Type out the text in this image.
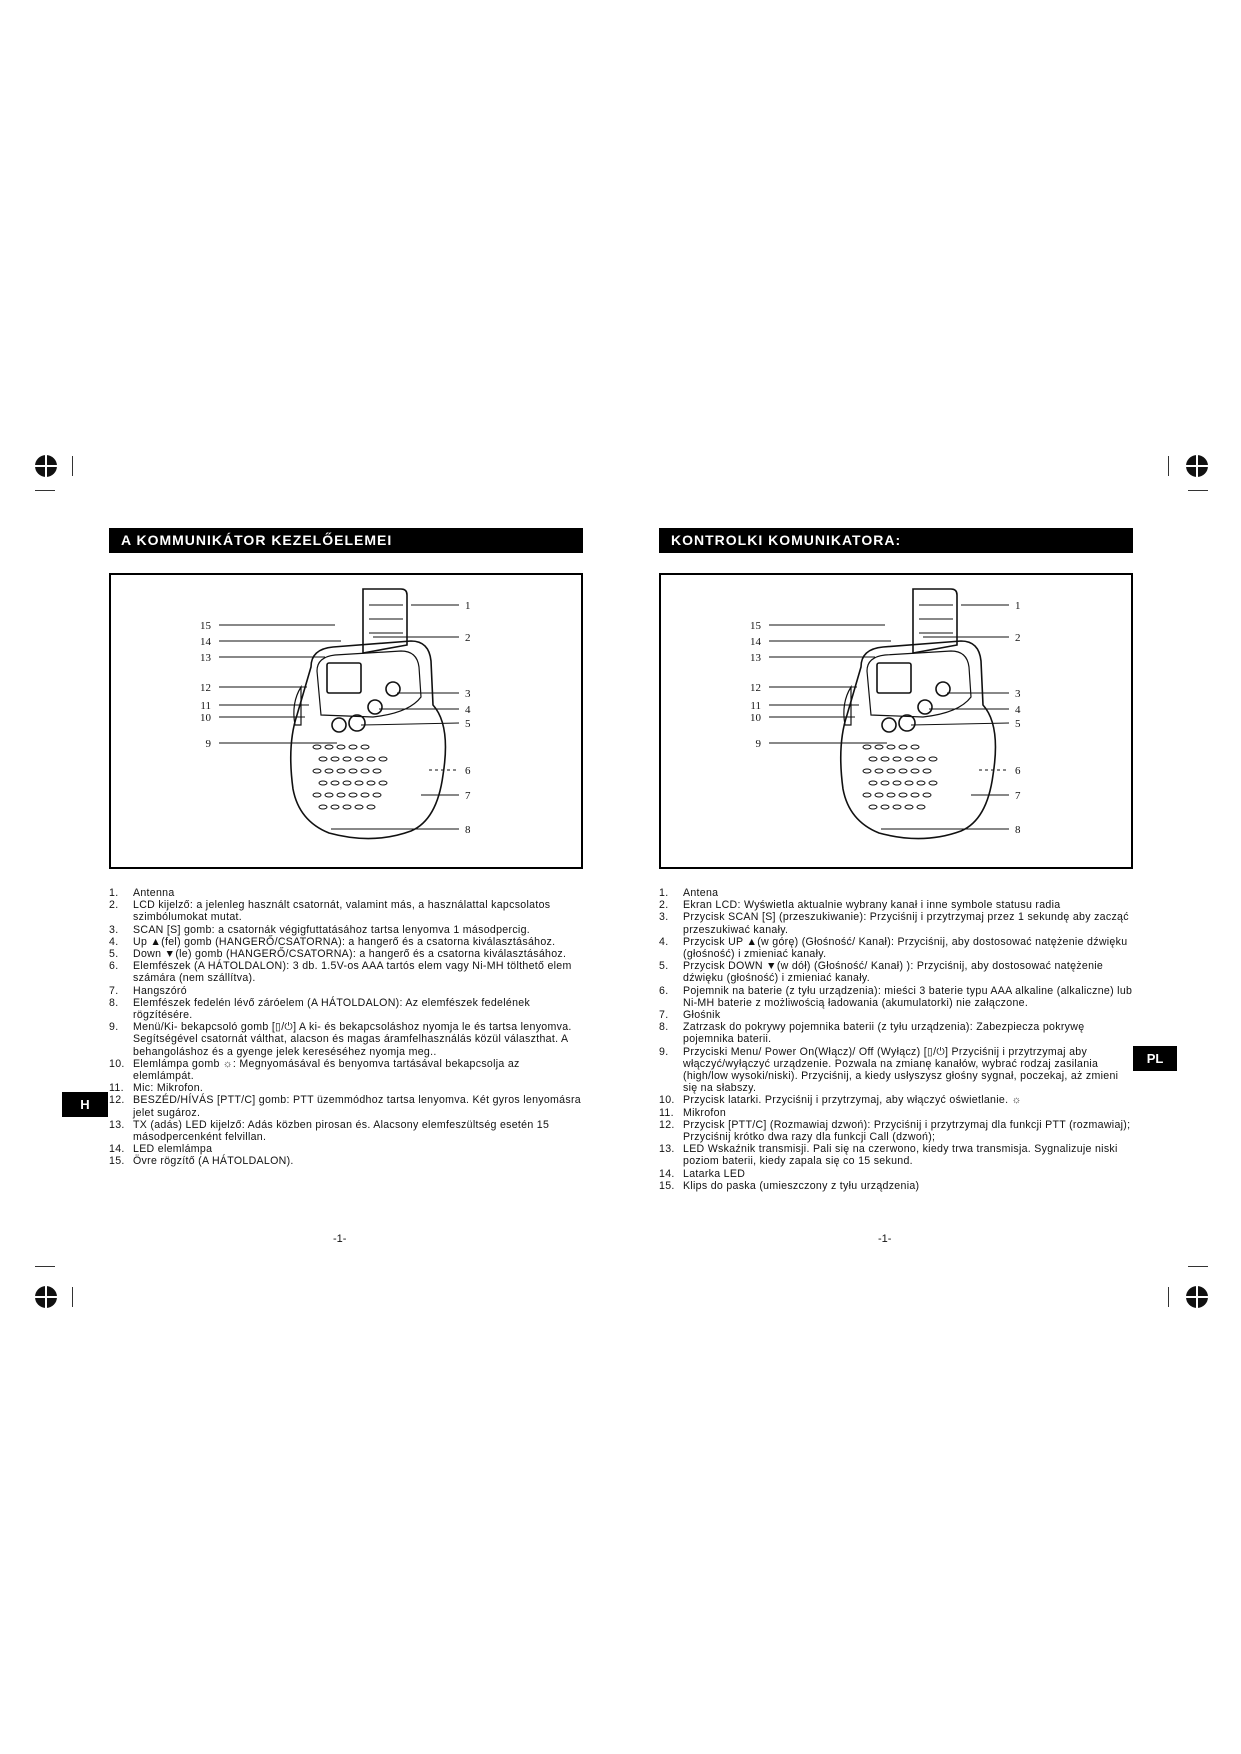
A KOMMUNIKÁTOR KEZELŐELEMEI
1
2
3
4
5
6
7
8
9
10
11
12
13
14
15
1. Antenna
2. LCD kijelző: a jelenleg használt csatornát, valamint más, a használattal kapcsolatos szimbólumokat mutat.
3. SCAN [S] gomb: a csatornák végigfuttatásához tartsa lenyomva 1 másodpercig.
4. Up ▲(fel) gomb (HANGERŐ/CSATORNA): a hangerő és a csatorna kiválasztásához.
5. Down ▼(le) gomb (HANGERŐ/CSATORNA): a hangerő és a csatorna kiválasztásához.
6. Elemfészek (A HÁTOLDALON): 3 db. 1.5V-os AAA tartós elem vagy Ni-MH tölthető elem számára (nem szállítva).
7. Hangszóró
8. Elemfészek fedelén lévő záróelem (A HÁTOLDALON): Az elemfészek fedelének rögzítésére.
9. Menü/Ki- bekapcsoló gomb [▯/⏻] A ki- és bekapcsoláshoz nyomja le és tartsa lenyomva. Segítségével csatornát válthat, alacson és magas áramfelhasználás közül választhat. A behangoláshoz és a gyenge jelek kereséséhez nyomja meg..
10. Elemlámpa gomb ☼: Megnyomásával és benyomva tartásával bekapcsolja az elemlámpát.
11. Mic: Mikrofon.
12. BESZÉD/HÍVÁS [PTT/C] gomb: PTT üzemmódhoz tartsa lenyomva. Két gyros lenyomásra jelet sugároz.
13. TX (adás) LED kijelző: Adás közben pirosan és. Alacsony elemfeszültség esetén 15 másodpercenként felvillan.
14. LED elemlámpa
15. Övre rögzítő (A HÁTOLDALON).
KONTROLKI KOMUNIKATORA:
1
2
3
4
5
6
7
8
9
10
11
12
13
14
15
1. Antena
2. Ekran LCD: Wyświetla aktualnie wybrany kanał i inne symbole statusu radia
3. Przycisk SCAN [S] (przeszukiwanie): Przyciśnij i przytrzymaj przez 1 sekundę aby zacząć przeszukiwać kanały.
4. Przycisk UP ▲(w górę) (Głośność/ Kanał): Przyciśnij, aby dostosować natężenie dźwięku (głośność) i zmieniać kanały.
5. Przycisk DOWN ▼(w dół) (Głośność/ Kanał) ): Przyciśnij, aby dostosować natężenie dźwięku (głośność) i zmieniać kanały.
6. Pojemnik na baterie (z tyłu urządzenia): mieści 3 baterie typu AAA alkaline (alkaliczne) lub Ni-MH baterie z możliwością ładowania (akumulatorki) nie załączone.
7. Głośnik
8. Zatrzask do pokrywy pojemnika baterii (z tyłu urządzenia): Zabezpiecza pokrywę pojemnika baterii.
9. Przyciski Menu/ Power On(Włącz)/ Off (Wyłącz) [▯/⏻] Przyciśnij i przytrzymaj aby włączyć/wyłączyć urządzenie. Pozwala na zmianę kanałów, wybrać rodzaj zasilania (high/low wysoki/niski). Przyciśnij, a kiedy usłyszysz głośny sygnał, poczekaj, aż zmieni się na słabszy.
10. Przycisk latarki. Przyciśnij i przytrzymaj, aby włączyć oświetlanie. ☼
11. Mikrofon
12. Przycisk [PTT/C] (Rozmawiaj dzwoń): Przyciśnij i przytrzymaj dla funkcji PTT (rozmawiaj); Przyciśnij krótko dwa razy dla funkcji Call (dzwoń);
13. LED Wskaźnik transmisji. Pali się na czerwono, kiedy trwa transmisja. Sygnalizuje niski poziom baterii, kiedy zapala się co 15 sekund.
14. Latarka LED
15. Klips do paska (umieszczony z tyłu urządzenia)
H
PL
-1-	-1-
